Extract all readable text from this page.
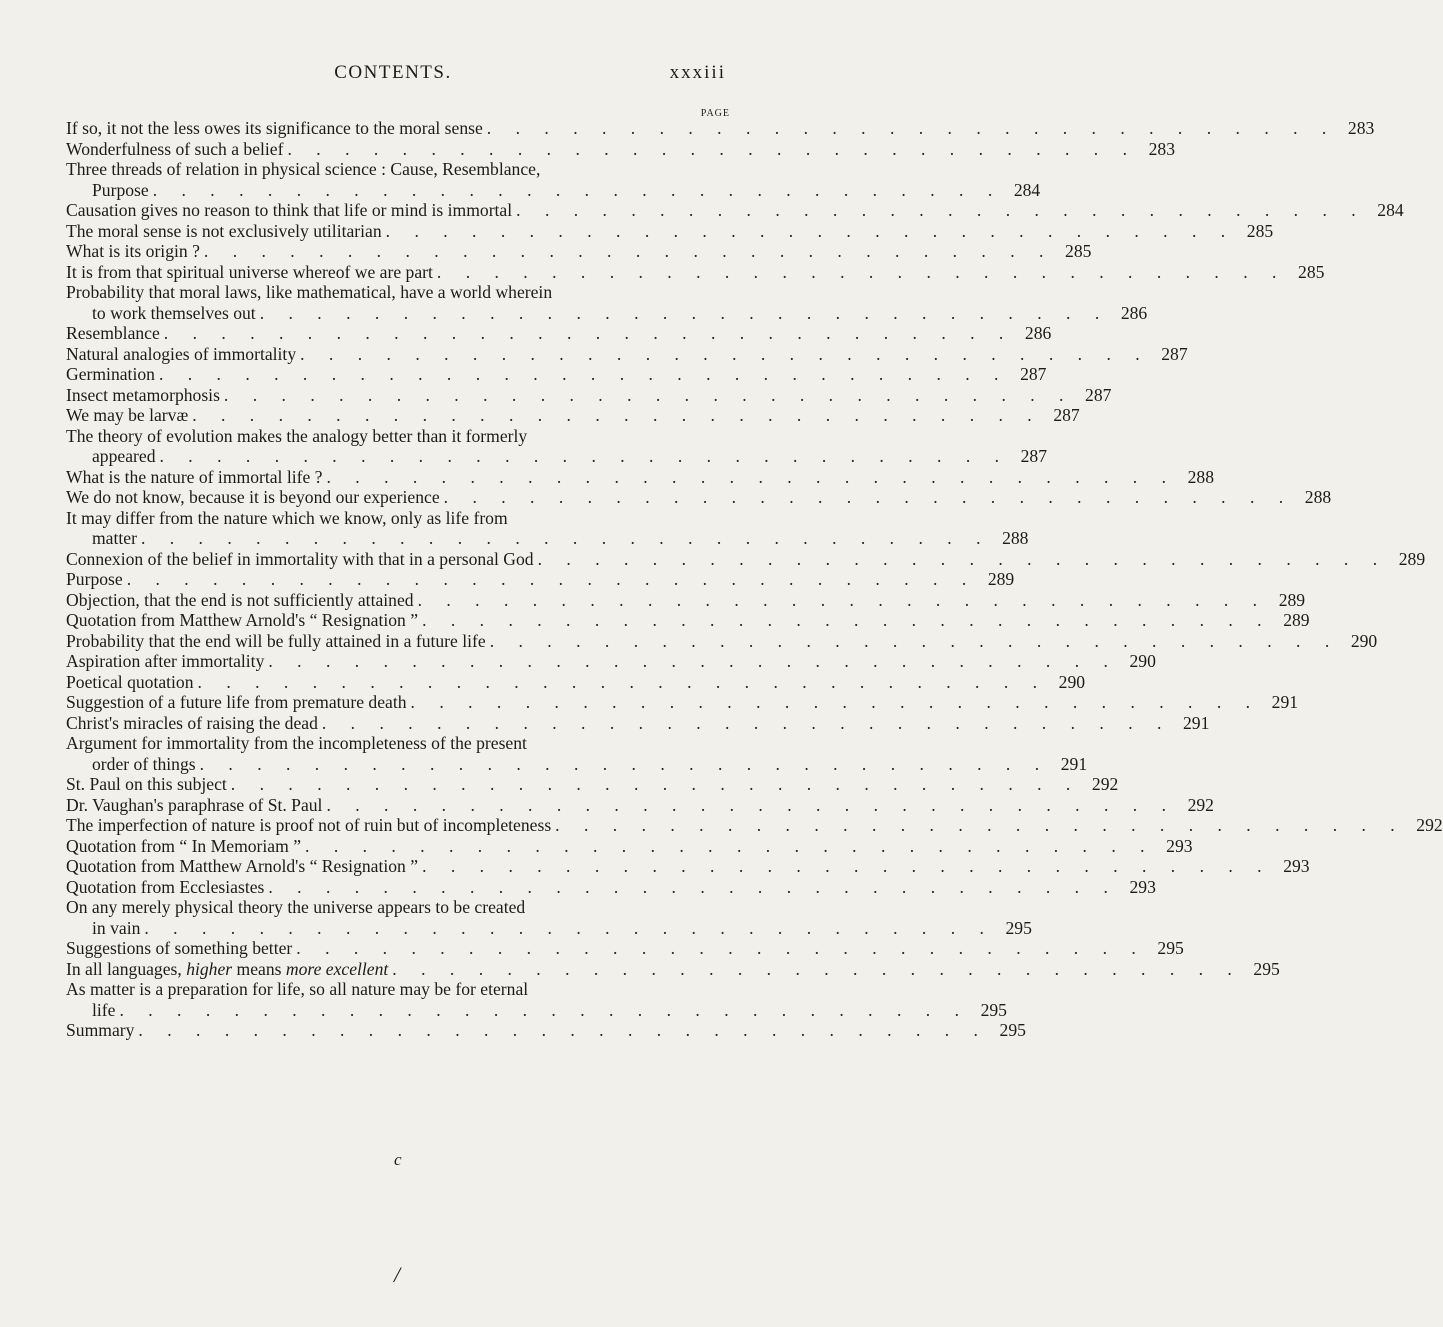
CONTENTS.	xxxiii
PAGE
If so, it not the less owes its significance to the moral sense . . . . . . . . . . . . . . . . . . . . . . . . . . . . . . 283
Wonderfulness of such a belief . . . . . . . . . . . . . . . . . . . . . . . . . . . . . . 283
Three threads of relation in physical science : Cause, Resemblance,
Purpose . . . . . . . . . . . . . . . . . . . . . . . . . . . . . . 284
Causation gives no reason to think that life or mind is immortal . . . . . . . . . . . . . . . . . . . . . . . . . . . . . . 284
The moral sense is not exclusively utilitarian . . . . . . . . . . . . . . . . . . . . . . . . . . . . . . 285
What is its origin ? . . . . . . . . . . . . . . . . . . . . . . . . . . . . . . 285
It is from that spiritual universe whereof we are part . . . . . . . . . . . . . . . . . . . . . . . . . . . . . . 285
Probability that moral laws, like mathematical, have a world wherein
to work themselves out . . . . . . . . . . . . . . . . . . . . . . . . . . . . . . 286
Resemblance . . . . . . . . . . . . . . . . . . . . . . . . . . . . . . 286
Natural analogies of immortality . . . . . . . . . . . . . . . . . . . . . . . . . . . . . . 287
Germination . . . . . . . . . . . . . . . . . . . . . . . . . . . . . . 287
Insect metamorphosis . . . . . . . . . . . . . . . . . . . . . . . . . . . . . . 287
We may be larvæ . . . . . . . . . . . . . . . . . . . . . . . . . . . . . . 287
The theory of evolution makes the analogy better than it formerly
appeared . . . . . . . . . . . . . . . . . . . . . . . . . . . . . . 287
What is the nature of immortal life ? . . . . . . . . . . . . . . . . . . . . . . . . . . . . . . 288
We do not know, because it is beyond our experience . . . . . . . . . . . . . . . . . . . . . . . . . . . . . . 288
It may differ from the nature which we know, only as life from
matter . . . . . . . . . . . . . . . . . . . . . . . . . . . . . . 288
Connexion of the belief in immortality with that in a personal God . . . . . . . . . . . . . . . . . . . . . . . . . . . . . . 289
Purpose . . . . . . . . . . . . . . . . . . . . . . . . . . . . . . 289
Objection, that the end is not sufficiently attained . . . . . . . . . . . . . . . . . . . . . . . . . . . . . . 289
Quotation from Matthew Arnold's “ Resignation ” . . . . . . . . . . . . . . . . . . . . . . . . . . . . . . 289
Probability that the end will be fully attained in a future life . . . . . . . . . . . . . . . . . . . . . . . . . . . . . . 290
Aspiration after immortality . . . . . . . . . . . . . . . . . . . . . . . . . . . . . . 290
Poetical quotation . . . . . . . . . . . . . . . . . . . . . . . . . . . . . . 290
Suggestion of a future life from premature death . . . . . . . . . . . . . . . . . . . . . . . . . . . . . . 291
Christ's miracles of raising the dead . . . . . . . . . . . . . . . . . . . . . . . . . . . . . . 291
Argument for immortality from the incompleteness of the present
order of things . . . . . . . . . . . . . . . . . . . . . . . . . . . . . . 291
St. Paul on this subject . . . . . . . . . . . . . . . . . . . . . . . . . . . . . . 292
Dr. Vaughan's paraphrase of St. Paul . . . . . . . . . . . . . . . . . . . . . . . . . . . . . . 292
The imperfection of nature is proof not of ruin but of incompleteness . . . . . . . . . . . . . . . . . . . . . . . . . . . . . . 292
Quotation from “ In Memoriam ” . . . . . . . . . . . . . . . . . . . . . . . . . . . . . . 293
Quotation from Matthew Arnold's “ Resignation ” . . . . . . . . . . . . . . . . . . . . . . . . . . . . . . 293
Quotation from Ecclesiastes . . . . . . . . . . . . . . . . . . . . . . . . . . . . . . 293
On any merely physical theory the universe appears to be created
in vain . . . . . . . . . . . . . . . . . . . . . . . . . . . . . . 295
Suggestions of something better . . . . . . . . . . . . . . . . . . . . . . . . . . . . . . 295
In all languages, higher means more excellent . . . . . . . . . . . . . . . . . . . . . . . . . . . . . . 295
As matter is a preparation for life, so all nature may be for eternal
life . . . . . . . . . . . . . . . . . . . . . . . . . . . . . . 295
Summary . . . . . . . . . . . . . . . . . . . . . . . . . . . . . . 295
c
/
